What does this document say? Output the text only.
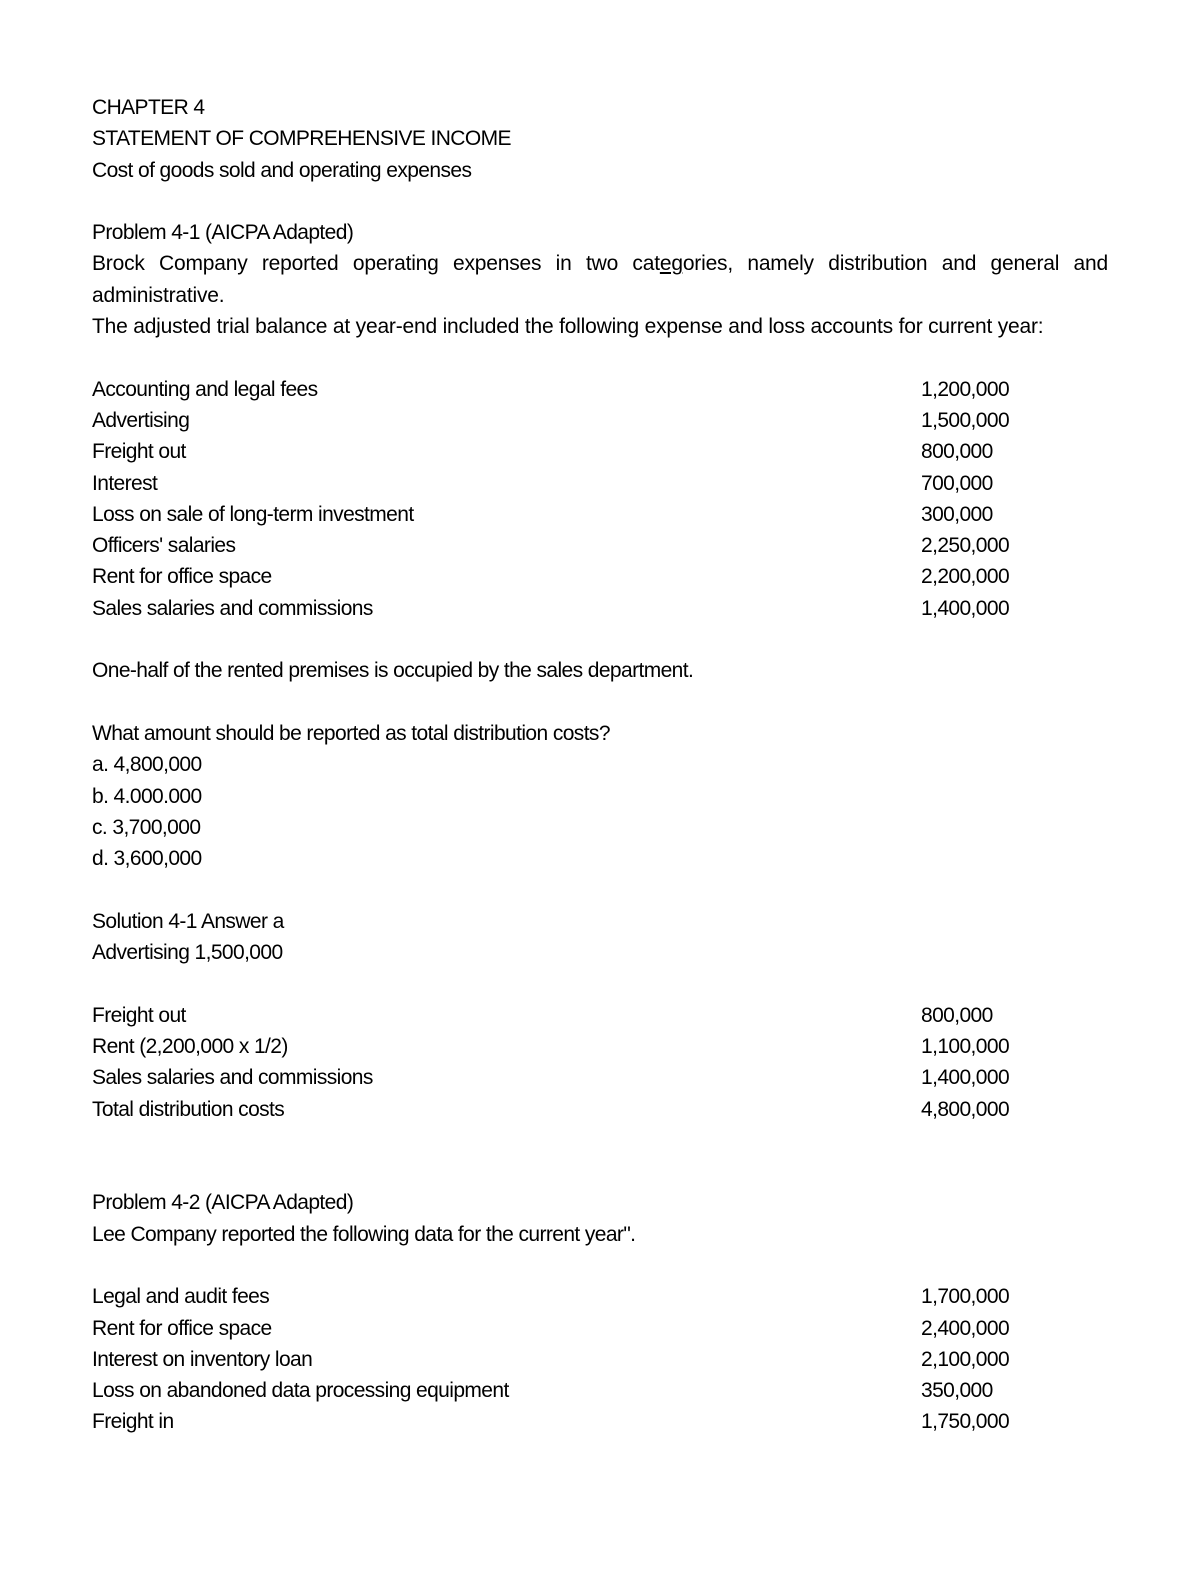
CHAPTER 4
STATEMENT OF COMPREHENSIVE INCOME
Cost of goods sold and operating expenses
Problem 4-1 (AICPA Adapted)
Brock Company reported operating expenses in two categories, namely distribution and general and administrative.
The adjusted trial balance at year-end included the following expense and loss accounts for current year:
Accounting and legal fees	1,200,000
Advertising	1,500,000
Freight out	800,000
Interest	700,000
Loss on sale of long-term investment	300,000
Officers' salaries	2,250,000
Rent for office space	2,200,000
Sales salaries and commissions	1,400,000
One-half of the rented premises is occupied by the sales department.
What amount should be reported as total distribution costs?
a. 4,800,000
b. 4.000.000
c. 3,700,000
d. 3,600,000
Solution 4-1 Answer a
Advertising 1,500,000
Freight out	800,000
Rent (2,200,000 x 1/2)	1,100,000
Sales salaries and commissions	1,400,000
Total distribution costs	4,800,000
Problem 4-2 (AICPA Adapted)
Lee Company reported the following data for the current year".
Legal and audit fees	1,700,000
Rent for office space	2,400,000
Interest on inventory loan	2,100,000
Loss on abandoned data processing equipment	350,000
Freight in	1,750,000
